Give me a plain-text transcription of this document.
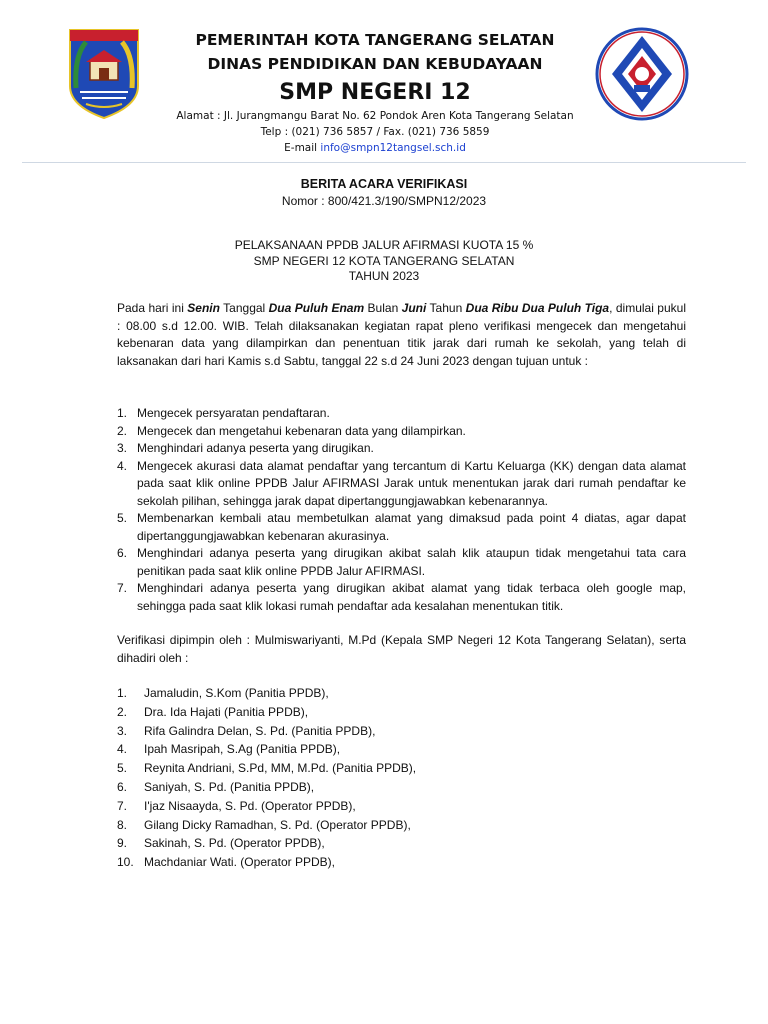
PEMERINTAH KOTA TANGERANG SELATAN
DINAS PENDIDIKAN DAN KEBUDAYAAN
SMP NEGERI 12
Alamat : Jl. Jurangmangu Barat No. 62 Pondok Aren Kota Tangerang Selatan
Telp : (021) 736 5857 / Fax. (021) 736 5859
E-mail info@smpn12tangsel.sch.id
BERITA ACARA VERIFIKASI
Nomor : 800/421.3/190/SMPN12/2023
PELAKSANAAN PPDB JALUR AFIRMASI KUOTA 15 %
SMP NEGERI 12 KOTA TANGERANG SELATAN
TAHUN 2023
Pada hari ini Senin Tanggal Dua Puluh Enam Bulan Juni Tahun Dua Ribu Dua Puluh Tiga, dimulai pukul : 08.00 s.d 12.00. WIB. Telah dilaksanakan kegiatan rapat pleno verifikasi mengecek dan mengetahui kebenaran data yang dilampirkan dan penentuan titik jarak dari rumah ke sekolah, yang telah di laksanakan dari hari Kamis s.d Sabtu, tanggal 22 s.d 24 Juni 2023 dengan tujuan untuk :
1. Mengecek persyaratan pendaftaran.
2. Mengecek dan mengetahui kebenaran data yang dilampirkan.
3. Menghindari adanya peserta yang dirugikan.
4. Mengecek akurasi data alamat pendaftar yang tercantum di Kartu Keluarga (KK) dengan data alamat pada saat klik online PPDB Jalur AFIRMASI Jarak untuk menentukan jarak dari rumah pendaftar ke sekolah pilihan, sehingga jarak dapat dipertanggungjawabkan kebenarannya.
5. Membenarkan kembali atau membetulkan alamat yang dimaksud pada point 4 diatas, agar dapat dipertanggungjawabkan kebenaran akurasinya.
6. Menghindari adanya peserta yang dirugikan akibat salah klik ataupun tidak mengetahui tata cara penitikan pada saat klik online PPDB Jalur AFIRMASI.
7. Menghindari adanya peserta yang dirugikan akibat alamat yang tidak terbaca oleh google map, sehingga pada saat klik lokasi rumah pendaftar ada kesalahan menentukan titik.
Verifikasi dipimpin oleh : Mulmiswariyanti, M.Pd (Kepala SMP Negeri 12 Kota Tangerang Selatan), serta dihadiri oleh :
1. Jamaludin, S.Kom (Panitia PPDB),
2. Dra. Ida Hajati (Panitia PPDB),
3. Rifa Galindra Delan, S. Pd. (Panitia PPDB),
4. Ipah Masripah, S.Ag (Panitia PPDB),
5. Reynita Andriani, S.Pd, MM, M.Pd. (Panitia PPDB),
6. Saniyah, S. Pd. (Panitia PPDB),
7. I'jaz Nisaayda, S. Pd. (Operator PPDB),
8. Gilang Dicky Ramadhan, S. Pd. (Operator PPDB),
9. Sakinah, S. Pd. (Operator PPDB),
10. Machdaniar Wati. (Operator PPDB),
